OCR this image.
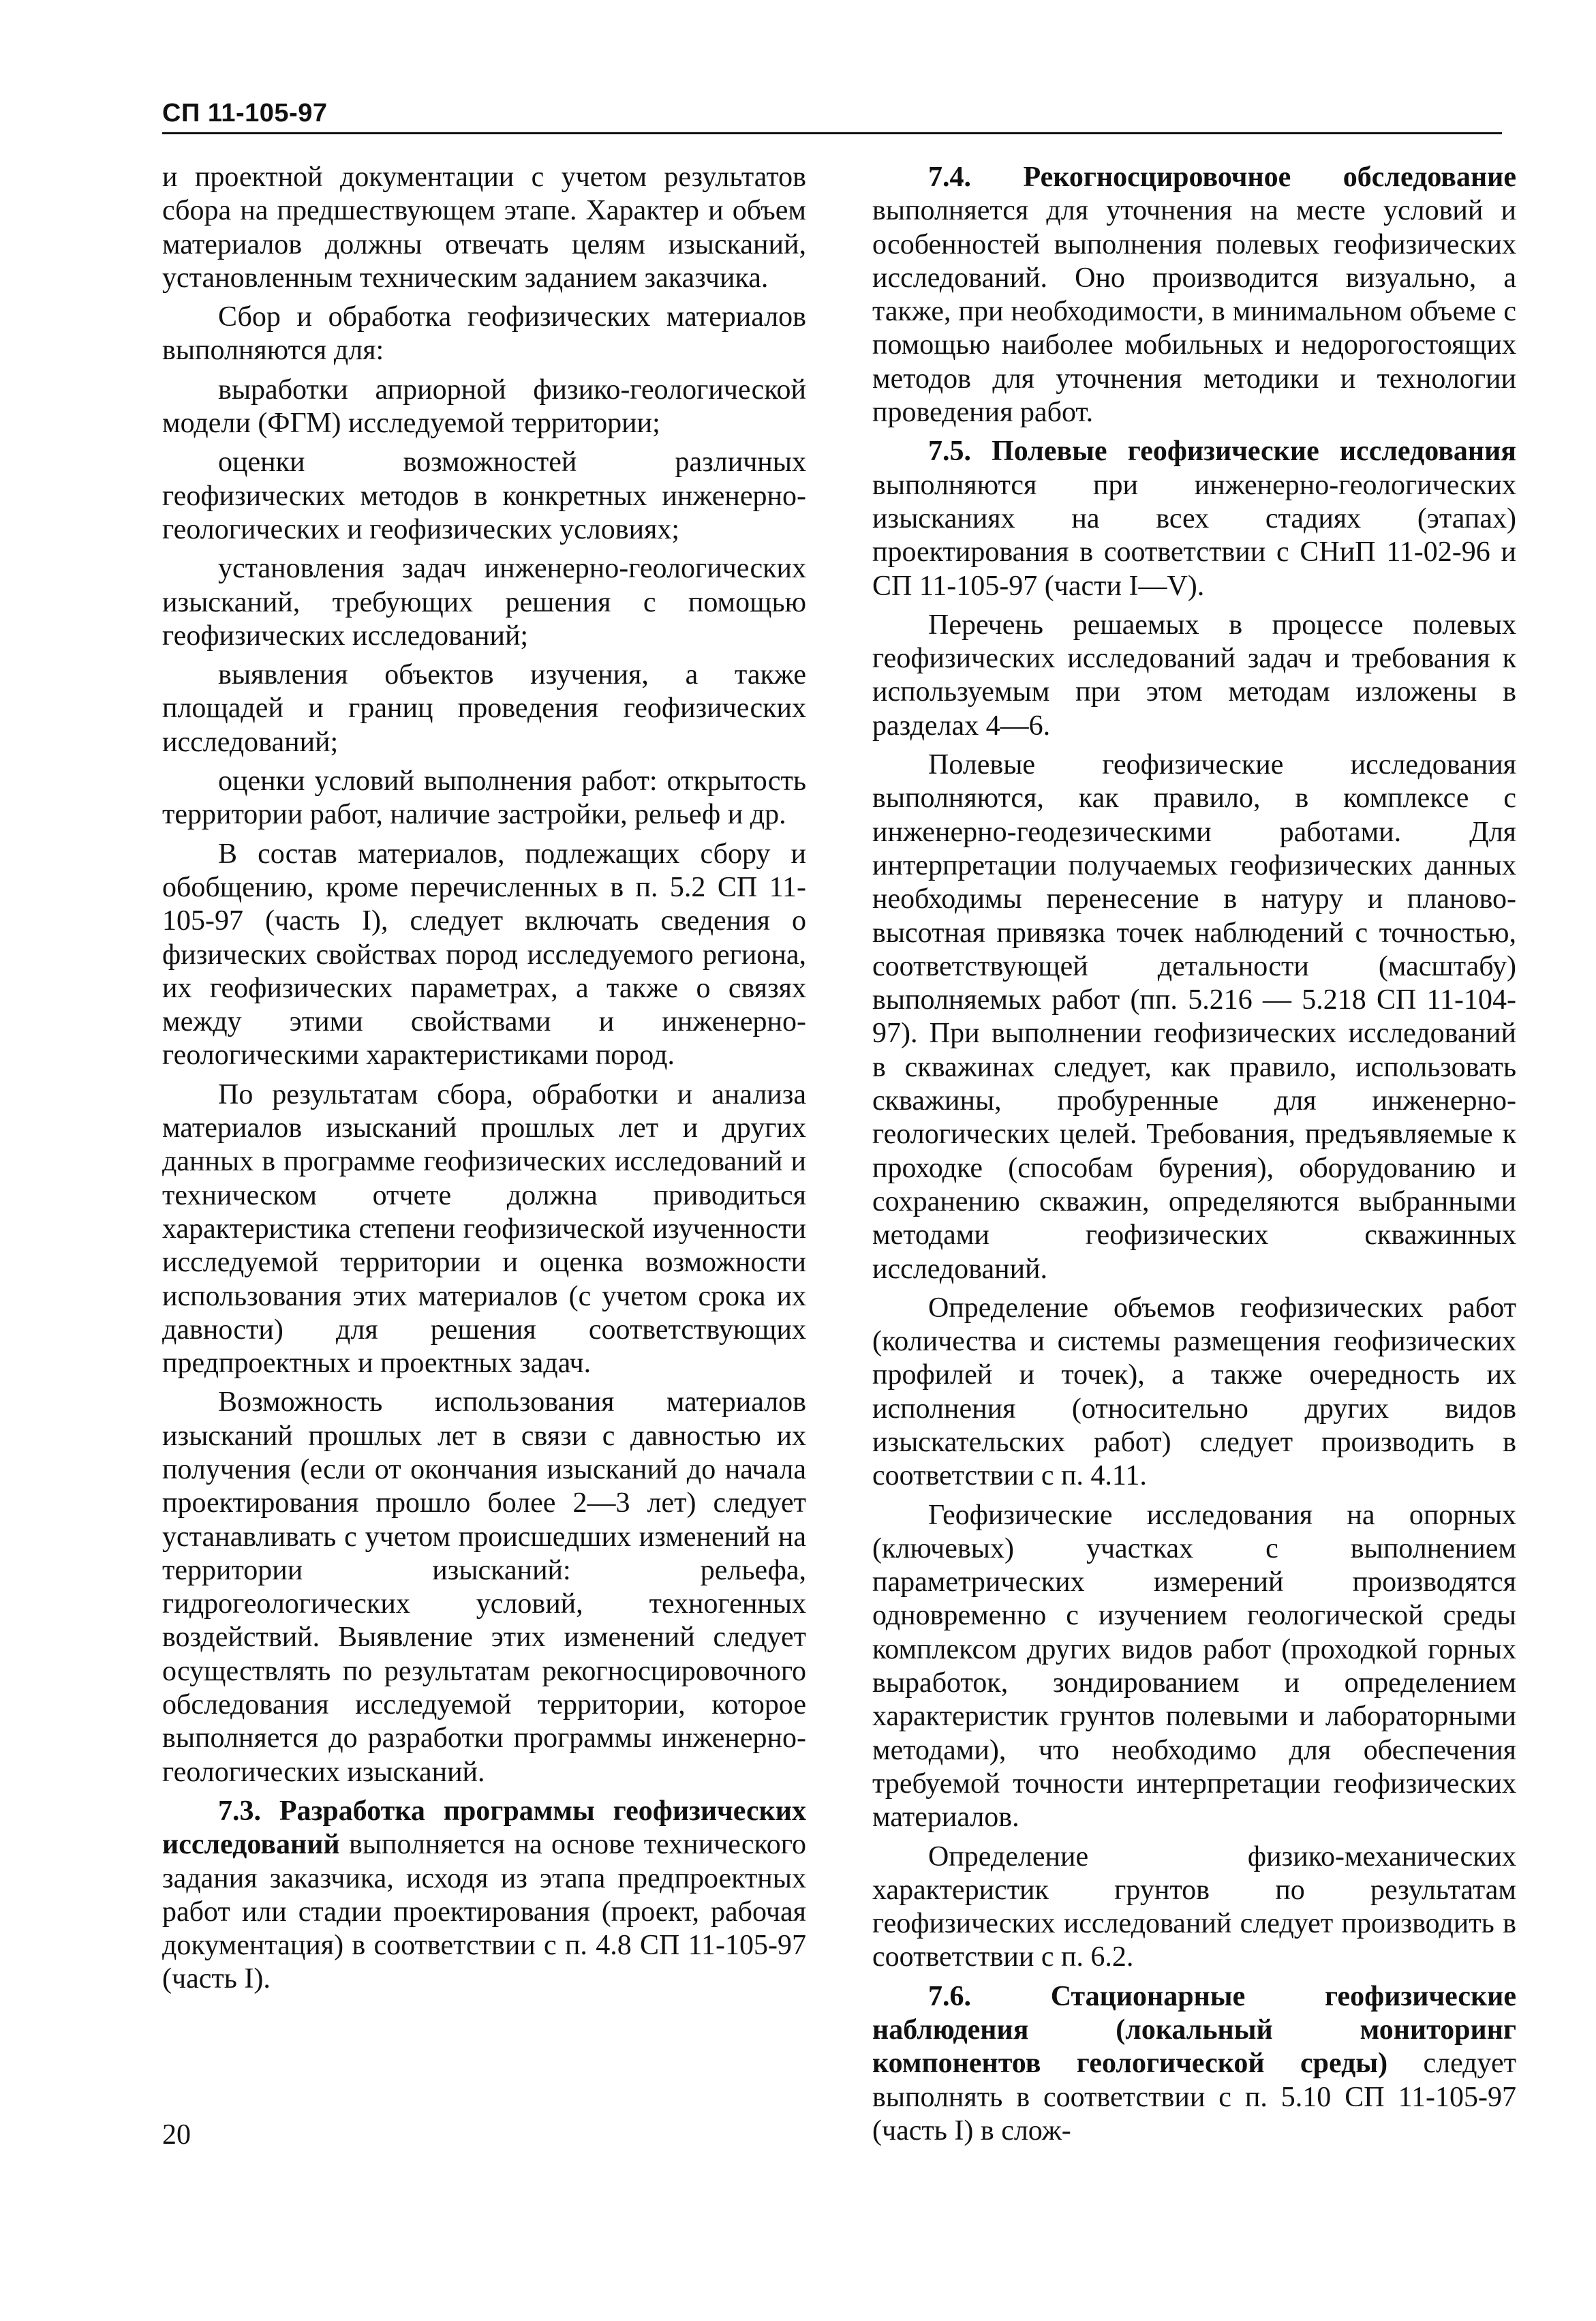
СП 11-105-97

и проектной документации с учетом результатов сбора на предшествующем этапе. Характер и объем материалов должны отвечать целям изысканий, установленным техническим заданием заказчика.

Сбор и обработка геофизических материалов выполняются для:

выработки априорной физико-геологической модели (ФГМ) исследуемой территории;

оценки возможностей различных геофизических методов в конкретных инженерно-геологических и геофизических условиях;

установления задач инженерно-геологических изысканий, требующих решения с помощью геофизических исследований;

выявления объектов изучения, а также площадей и границ проведения геофизических исследований;

оценки условий выполнения работ: открытость территории работ, наличие застройки, рельеф и др.

В состав материалов, подлежащих сбору и обобщению, кроме перечисленных в п. 5.2 СП 11-105-97 (часть I), следует включать сведения о физических свойствах пород исследуемого региона, их геофизических параметрах, а также о связях между этими свойствами и инженерно-геологическими характеристиками пород.

По результатам сбора, обработки и анализа материалов изысканий прошлых лет и других данных в программе геофизических исследований и техническом отчете должна приводиться характеристика степени геофизической изученности исследуемой территории и оценка возможности использования этих материалов (с учетом срока их давности) для решения соответствующих предпроектных и проектных задач.

Возможность использования материалов изысканий прошлых лет в связи с давностью их получения (если от окончания изысканий до начала проектирования прошло более 2—3 лет) следует устанавливать с учетом происшедших изменений на территории изысканий: рельефа, гидрогеологических условий, техногенных воздействий. Выявление этих изменений следует осуществлять по результатам рекогносцировочного обследования исследуемой территории, которое выполняется до разработки программы инженерно-геологических изысканий.

7.3. Разработка программы геофизических исследований выполняется на основе технического задания заказчика, исходя из этапа предпроектных работ или стадии проектирования (проект, рабочая документация) в соответствии с п. 4.8 СП 11-105-97 (часть I).

7.4. Рекогносцировочное обследование выполняется для уточнения на месте условий и особенностей выполнения полевых геофизических исследований. Оно производится визуально, а также, при необходимости, в минимальном объеме с помощью наиболее мобильных и недорогостоящих методов для уточнения методики и технологии проведения работ.

7.5. Полевые геофизические исследования выполняются при инженерно-геологических изысканиях на всех стадиях (этапах) проектирования в соответствии с СНиП 11-02-96 и СП 11-105-97 (части I—V).

Перечень решаемых в процессе полевых геофизических исследований задач и требования к используемым при этом методам изложены в разделах 4—6.

Полевые геофизические исследования выполняются, как правило, в комплексе с инженерно-геодезическими работами. Для интерпретации получаемых геофизических данных необходимы перенесение в натуру и планово-высотная привязка точек наблюдений с точностью, соответствующей детальности (масштабу) выполняемых работ (пп. 5.216 — 5.218 СП 11-104-97). При выполнении геофизических исследований в скважинах следует, как правило, использовать скважины, пробуренные для инженерно-геологических целей. Требования, предъявляемые к проходке (способам бурения), оборудованию и сохранению скважин, определяются выбранными методами геофизических скважинных исследований.

Определение объемов геофизических работ (количества и системы размещения геофизических профилей и точек), а также очередность их исполнения (относительно других видов изыскательских работ) следует производить в соответствии с п. 4.11.

Геофизические исследования на опорных (ключевых) участках с выполнением параметрических измерений производятся одновременно с изучением геологической среды комплексом других видов работ (проходкой горных выработок, зондированием и определением характеристик грунтов полевыми и лабораторными методами), что необходимо для обеспечения требуемой точности интерпретации геофизических материалов.

Определение физико-механических характеристик грунтов по результатам геофизических исследований следует производить в соответствии с п. 6.2.

7.6. Стационарные геофизические наблюдения (локальный мониторинг компонентов геологической среды) следует выполнять в соответствии с п. 5.10 СП 11-105-97 (часть I) в слож-

20
